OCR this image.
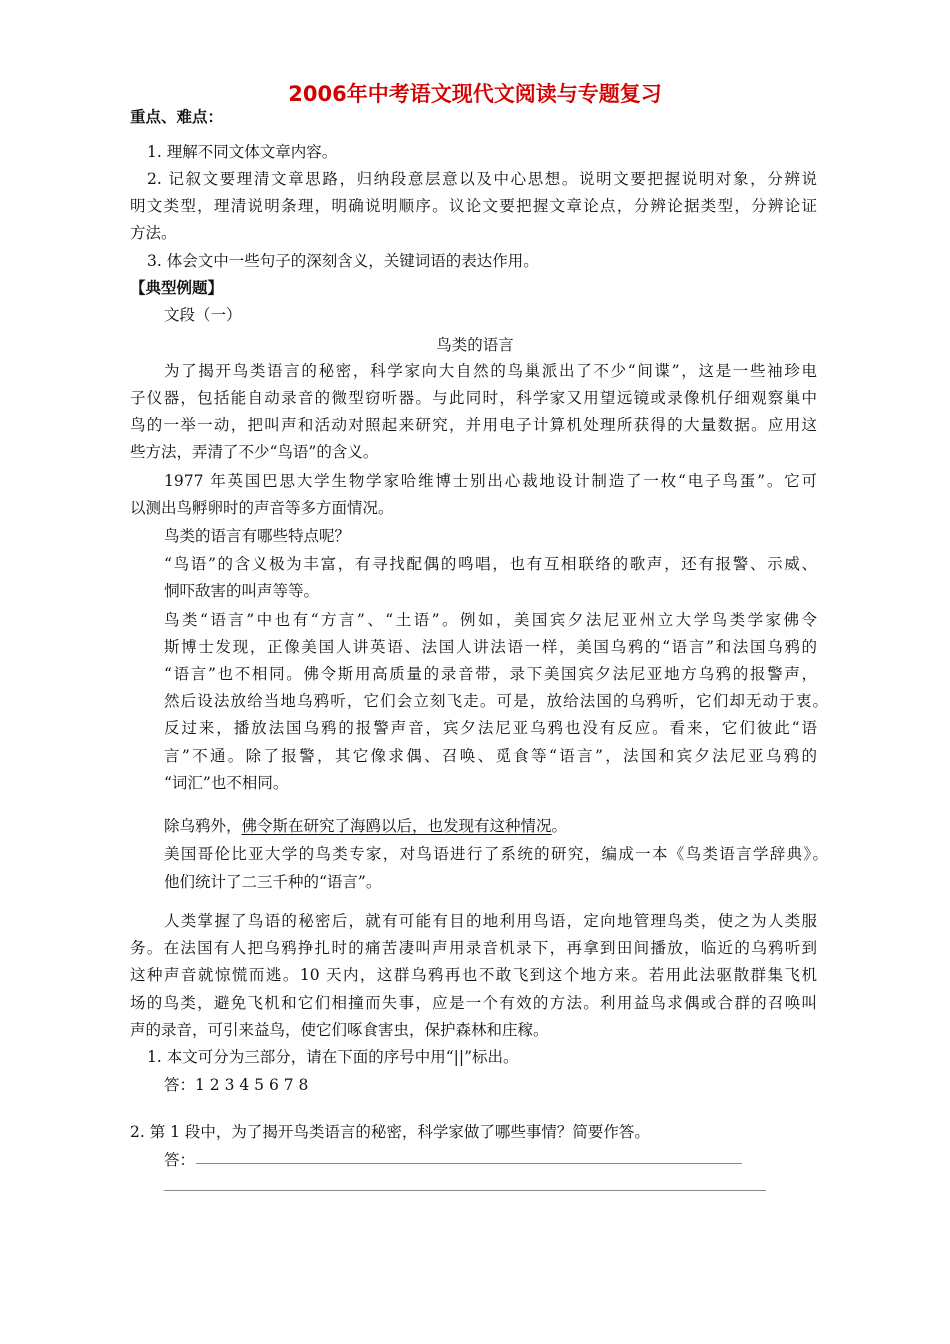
2006年中考语文现代文阅读与专题复习
重点、难点：
1. 理解不同文体文章内容。
2. 记叙文要理清文章思路，归纳段意层意以及中心思想。说明文要把握说明对象，分辨说
明文类型，理清说明条理，明确说明顺序。议论文要把握文章论点，分辨论据类型，分辨论证
方法。
3. 体会文中一些句子的深刻含义，关键词语的表达作用。
【典型例题】
文段（一）
鸟类的语言
为了揭开鸟类语言的秘密，科学家向大自然的鸟巢派出了不少“间谍”，这是一些袖珍电
子仪器，包括能自动录音的微型窃听器。与此同时，科学家又用望远镜或录像机仔细观察巢中
鸟的一举一动，把叫声和活动对照起来研究，并用电子计算机处理所获得的大量数据。应用这
些方法，弄清了不少“鸟语”的含义。
1977 年英国巴思大学生物学家哈维博士别出心裁地设计制造了一枚“电子鸟蛋”。它可
以测出鸟孵卵时的声音等多方面情况。
鸟类的语言有哪些特点呢？
“鸟语”的含义极为丰富，有寻找配偶的鸣唱，也有互相联络的歌声，还有报警、示威、
恫吓敌害的叫声等等。
鸟类“语言”中也有“方言”、“土语”。例如，美国宾夕法尼亚州立大学鸟类学家佛令
斯博士发现，正像美国人讲英语、法国人讲法语一样，美国乌鸦的“语言”和法国乌鸦的
“语言”也不相同。佛令斯用高质量的录音带，录下美国宾夕法尼亚地方乌鸦的报警声，
然后设法放给当地乌鸦听，它们会立刻飞走。可是，放给法国的乌鸦听，它们却无动于衷。
反过来，播放法国乌鸦的报警声音，宾夕法尼亚乌鸦也没有反应。看来，它们彼此“语
言”不通。除了报警，其它像求偶、召唤、觅食等“语言”，法国和宾夕法尼亚乌鸦的
“词汇”也不相同。
除乌鸦外，佛令斯在研究了海鸥以后，也发现有这种情况。
美国哥伦比亚大学的鸟类专家，对鸟语进行了系统的研究，编成一本《鸟类语言学辞典》。
他们统计了二三千种的“语言”。
人类掌握了鸟语的秘密后，就有可能有目的地利用鸟语，定向地管理鸟类，使之为人类服
务。在法国有人把乌鸦挣扎时的痛苦凄叫声用录音机录下，再拿到田间播放，临近的乌鸦听到
这种声音就惊慌而逃。10 天内，这群乌鸦再也不敢飞到这个地方来。若用此法驱散群集飞机
场的鸟类，避免飞机和它们相撞而失事，应是一个有效的方法。利用益鸟求偶或合群的召唤叫
声的录音，可引来益鸟，使它们啄食害虫，保护森林和庄稼。
1. 本文可分为三部分，请在下面的序号中用“||”标出。
答：1 2 3 4 5 6 7 8
2. 第 1 段中，为了揭开鸟类语言的秘密，科学家做了哪些事情？简要作答。
答：
